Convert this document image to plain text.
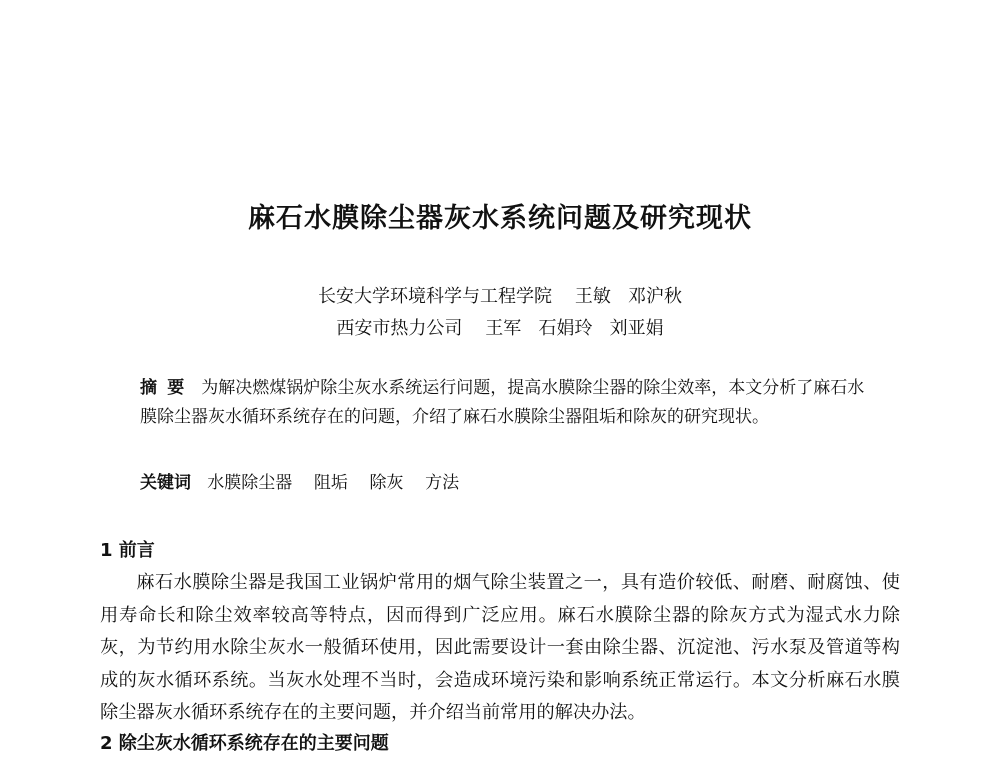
麻石水膜除尘器灰水系统问题及研究现状
长安大学环境科学与工程学院    王敏   邓沪秋
西安市热力公司    王军   石娟玲   刘亚娟
摘要 为解决燃煤锅炉除尘灰水系统运行问题，提高水膜除尘器的除尘效率，本文分析了麻石水膜除尘器灰水循环系统存在的问题，介绍了麻石水膜除尘器阻垢和除灰的研究现状。
关键词 水膜除尘器    阻垢    除灰    方法
1 前言

麻石水膜除尘器是我国工业锅炉常用的烟气除尘装置之一，具有造价较低、耐磨、耐腐蚀、使用寿命长和除尘效率较高等特点，因而得到广泛应用。麻石水膜除尘器的除灰方式为湿式水力除灰，为节约用水除尘灰水一般循环使用，因此需要设计一套由除尘器、沉淀池、污水泵及管道等构成的灰水循环系统。当灰水处理不当时，会造成环境污染和影响系统正常运行。本文分析麻石水膜除尘器灰水循环系统存在的主要问题，并介绍当前常用的解决办法。

2 除尘灰水循环系统存在的主要问题
